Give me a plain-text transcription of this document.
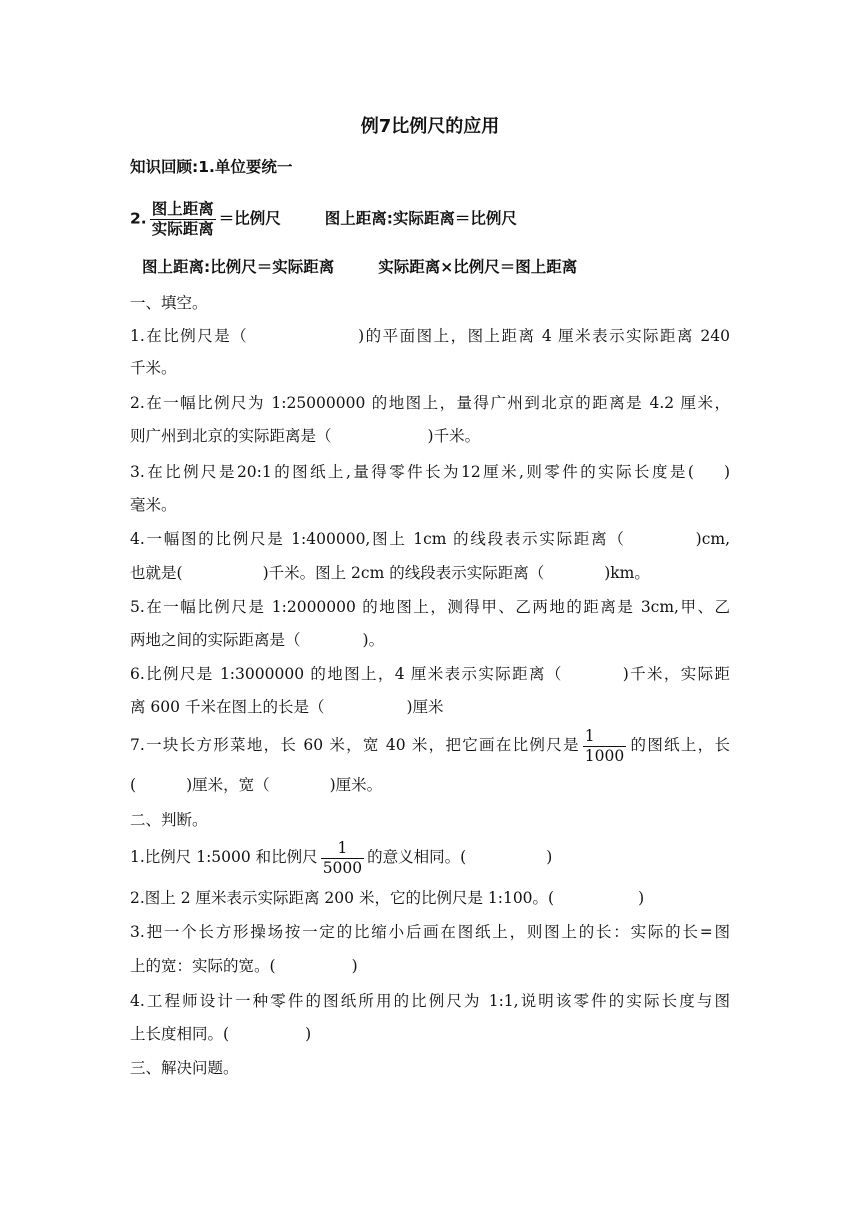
例7比例尺的应用
知识回顾:1.单位要统一
2. $\frac{\text{图上距离}}{\text{实际距离}}$ ＝比例尺	图上距离:实际距离＝比例尺
图上距离:比例尺＝实际距离	实际距离×比例尺＝图上距离
一、填空。
1.在比例尺是（	)的平面图上，图上距离 4 厘米表示实际距离 240
千米。
2.在一幅比例尺为 1:25000000 的地图上，量得广州到北京的距离是 4.2 厘米，
则广州到北京的实际距离是（	)千米。
3.在比例尺是20:1的图纸上,量得零件长为12厘米,则零件的实际长度是( )
毫米。
4.一幅图的比例尺是 1:400000,图上 1cm 的线段表示实际距离（	)cm,
也就是(	)千米。图上 2cm 的线段表示实际距离（	)km。
5.在一幅比例尺是 1:2000000 的地图上，测得甲、乙两地的距离是 3cm,甲、乙
两地之间的实际距离是（	)。
6.比例尺是 1:3000000 的地图上，4 厘米表示实际距离（	)千米，实际距
离 600 千米在图上的长是（	)厘米
7.一块长方形菜地，长 60 米，宽 40 米，把它画在比例尺是 $\frac{1}{1000}$ 的图纸上，长
(	)厘米，宽（	)厘米。
二、判断。
1.比例尺 1:5000 和比例尺 $\frac{1}{5000}$ 的意义相同。(	)
2.图上 2 厘米表示实际距离 200 米，它的比例尺是 1:100。(	)
3.把一个长方形操场按一定的比缩小后画在图纸上，则图上的长：实际的长=图
上的宽：实际的宽。(	)
4.工程师设计一种零件的图纸所用的比例尺为 1:1,说明该零件的实际长度与图
上长度相同。(	)
三、解决问题。
